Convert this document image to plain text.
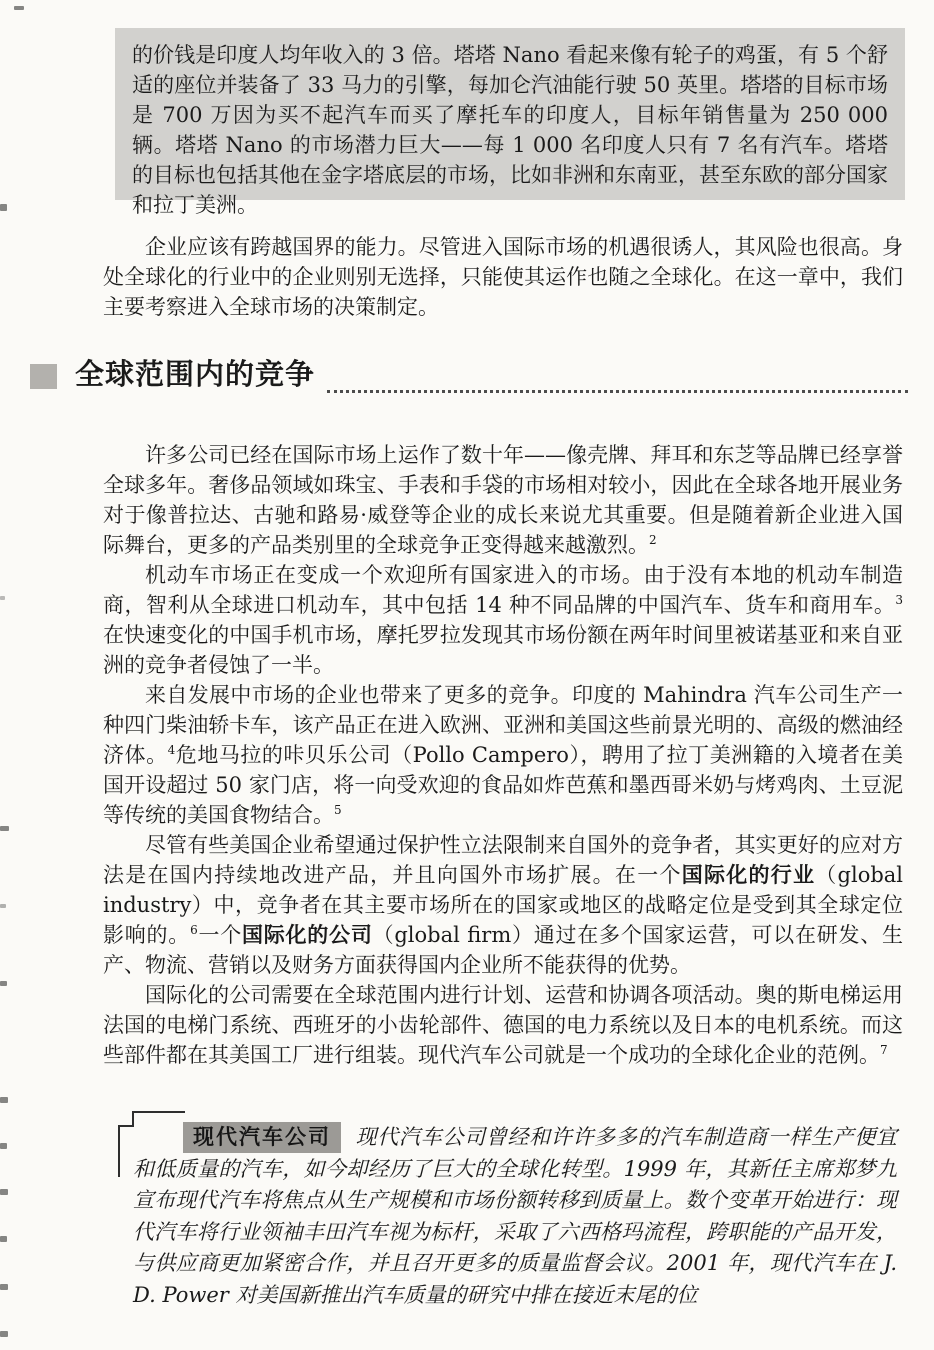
的价钱是印度人均年收入的 3 倍。塔塔 Nano 看起来像有轮子的鸡蛋，有 5 个舒适的座位并装备了 33 马力的引擎，每加仑汽油能行驶 50 英里。塔塔的目标市场是 700 万因为买不起汽车而买了摩托车的印度人，目标年销售量为 250 000 辆。塔塔 Nano 的市场潜力巨大——每 1 000 名印度人只有 7 名有汽车。塔塔的目标也包括其他在金字塔底层的市场，比如非洲和东南亚，甚至东欧的部分国家和拉丁美洲。

企业应该有跨越国界的能力。尽管进入国际市场的机遇很诱人，其风险也很高。身处全球化的行业中的企业则别无选择，只能使其运作也随之全球化。在这一章中，我们主要考察进入全球市场的决策制定。

全球范围内的竞争

许多公司已经在国际市场上运作了数十年——像壳牌、拜耳和东芝等品牌已经享誉全球多年。奢侈品领域如珠宝、手表和手袋的市场相对较小，因此在全球各地开展业务对于像普拉达、古驰和路易·威登等企业的成长来说尤其重要。但是随着新企业进入国际舞台，更多的产品类别里的全球竞争正变得越来越激烈。$^2$

机动车市场正在变成一个欢迎所有国家进入的市场。由于没有本地的机动车制造商，智利从全球进口机动车，其中包括 14 种不同品牌的中国汽车、货车和商用车。$^3$在快速变化的中国手机市场，摩托罗拉发现其市场份额在两年时间里被诺基亚和来自亚洲的竞争者侵蚀了一半。

来自发展中市场的企业也带来了更多的竞争。印度的 Mahindra 汽车公司生产一种四门柴油轿卡车，该产品正在进入欧洲、亚洲和美国这些前景光明的、高级的燃油经济体。$^4$危地马拉的咔贝乐公司（Pollo Campero），聘用了拉丁美洲籍的入境者在美国开设超过 50 家门店，将一向受欢迎的食品如炸芭蕉和墨西哥米奶与烤鸡肉、土豆泥等传统的美国食物结合。$^5$

尽管有些美国企业希望通过保护性立法限制来自国外的竞争者，其实更好的应对方法是在国内持续地改进产品，并且向国外市场扩展。在一个国际化的行业（global industry）中，竞争者在其主要市场所在的国家或地区的战略定位是受到其全球定位影响的。$^6$一个国际化的公司（global firm）通过在多个国家运营，可以在研发、生产、物流、营销以及财务方面获得国内企业所不能获得的优势。

国际化的公司需要在全球范围内进行计划、运营和协调各项活动。奥的斯电梯运用法国的电梯门系统、西班牙的小齿轮部件、德国的电力系统以及日本的电机系统。而这些部件都在其美国工厂进行组装。现代汽车公司就是一个成功的全球化企业的范例。$^7$

现代汽车公司 现代汽车公司曾经和许许多多的汽车制造商一样生产便宜和低质量的汽车，如今却经历了巨大的全球化转型。1999 年，其新任主席郑梦九宣布现代汽车将焦点从生产规模和市场份额转移到质量上。数个变革开始进行：现代汽车将行业领袖丰田汽车视为标杆，采取了六西格玛流程，跨职能的产品开发，与供应商更加紧密合作，并且召开更多的质量监督会议。2001 年，现代汽车在 J. D. Power 对美国新推出汽车质量的研究中排在接近末尾的位
